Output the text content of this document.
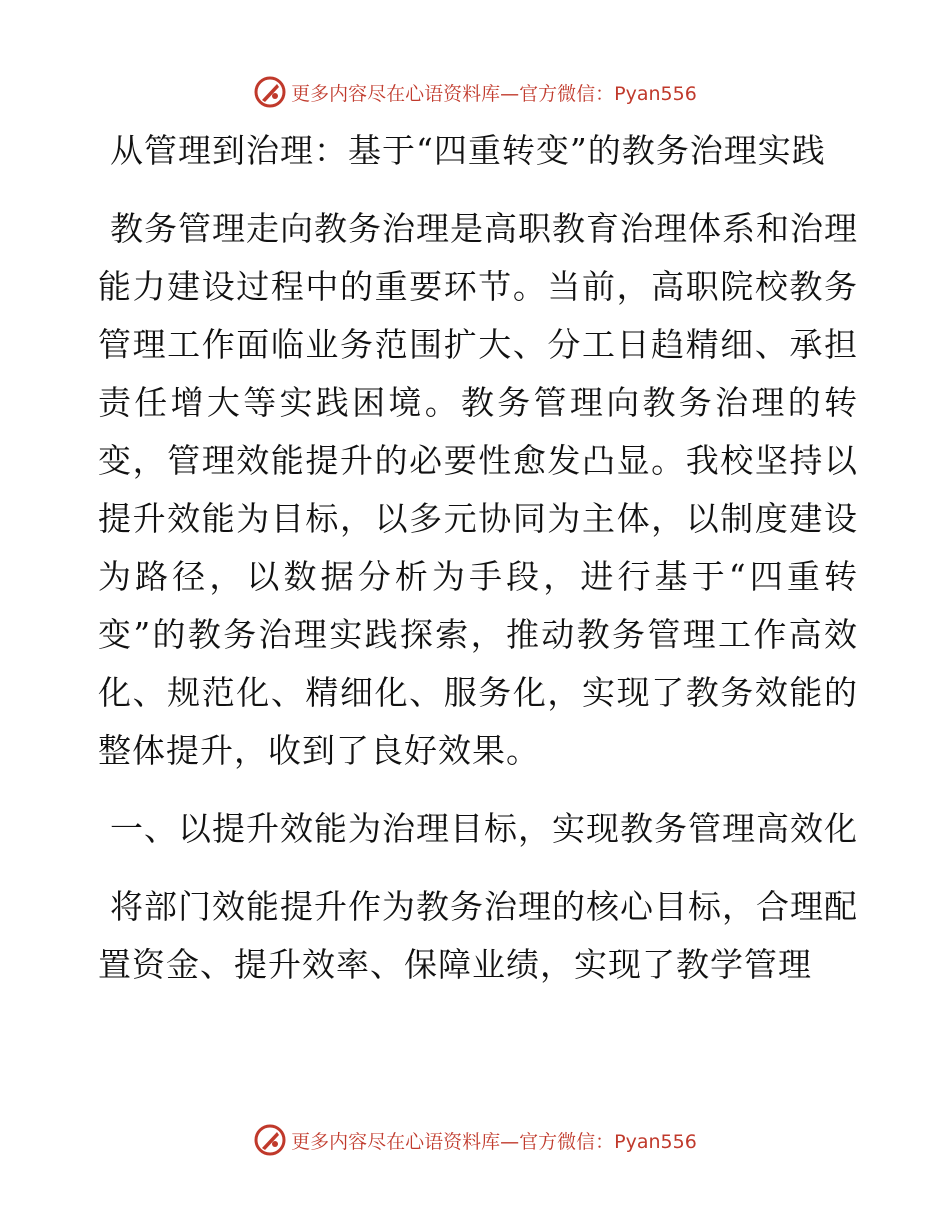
更多内容尽在心语资料库—官方微信：Pyan556

从管理到治理：基于“四重转变”的教务治理实践

教务管理走向教务治理是高职教育治理体系和治理能力建设过程中的重要环节。当前，高职院校教务管理工作面临业务范围扩大、分工日趋精细、承担责任增大等实践困境。教务管理向教务治理的转变，管理效能提升的必要性愈发凸显。我校坚持以提升效能为目标，以多元协同为主体，以制度建设为路径，以数据分析为手段，进行基于“四重转变”的教务治理实践探索，推动教务管理工作高效化、规范化、精细化、服务化，实现了教务效能的整体提升，收到了良好效果。

一、以提升效能为治理目标，实现教务管理高效化

将部门效能提升作为教务治理的核心目标，合理配置资金、提升效率、保障业绩，实现了教学管理

更多内容尽在心语资料库—官方微信：Pyan556
